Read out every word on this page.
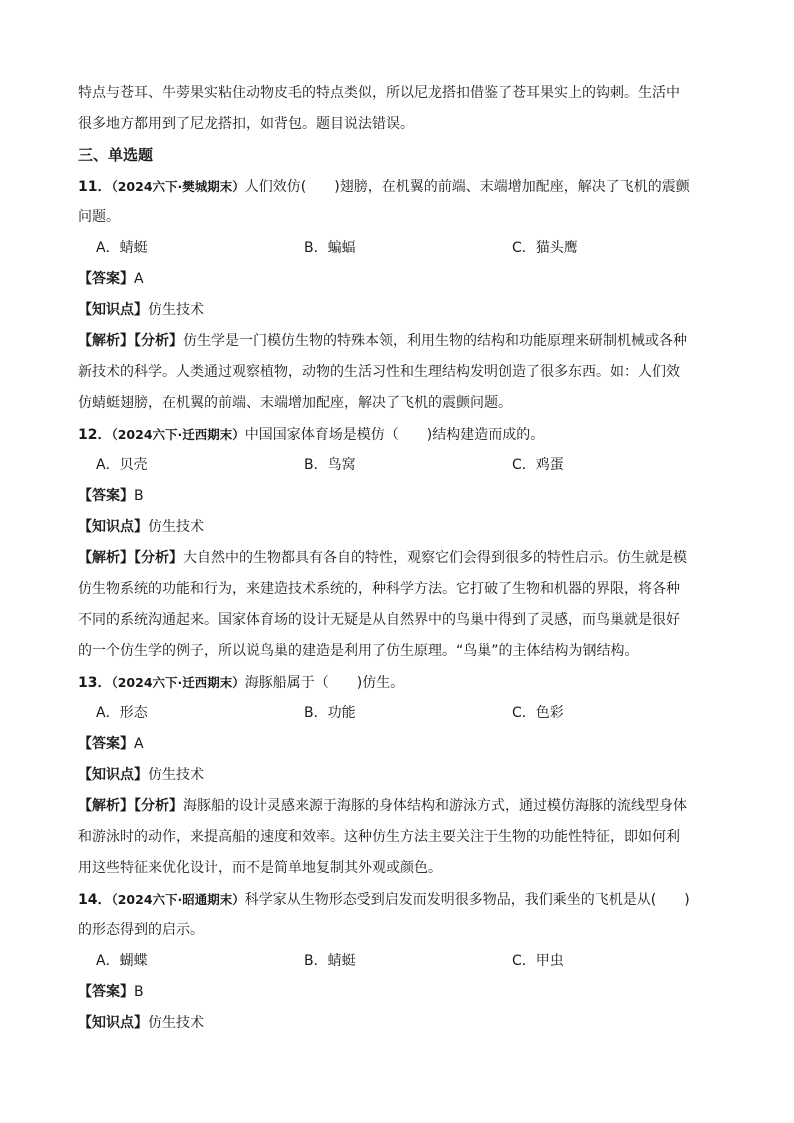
特点与苍耳、牛蒡果实粘住动物皮毛的特点类似，所以尼龙搭扣借鉴了苍耳果实上的钩刺。生活中
很多地方都用到了尼龙搭扣，如背包。题目说法错误。
三、单选题
11．（2024六下·樊城期末）人们效仿(　　)翅膀，在机翼的前端、末端增加配座，解决了飞机的震颤
问题。
A．蜻蜓	B．蝙蝠	C．猫头鹰
【答案】A
【知识点】仿生技术
【解析】【分析】仿生学是一门模仿生物的特殊本领，利用生物的结构和功能原理来研制机械或各种
新技术的科学。人类通过观察植物，动物的生活习性和生理结构发明创造了很多东西。如：人们效
仿蜻蜓翅膀，在机翼的前端、末端增加配座，解决了飞机的震颤问题。
12．（2024六下·迁西期末）中国国家体育场是模仿（　　)结构建造而成的。
A．贝壳	B．鸟窝	C．鸡蛋
【答案】B
【知识点】仿生技术
【解析】【分析】大自然中的生物都具有各自的特性，观察它们会得到很多的特性启示。仿生就是模
仿生物系统的功能和行为，来建造技术系统的，种科学方法。它打破了生物和机器的界限，将各种
不同的系统沟通起来。国家体育场的设计无疑是从自然界中的鸟巢中得到了灵感，而鸟巢就是很好
的一个仿生学的例子，所以说鸟巢的建造是利用了仿生原理。“鸟巢”的主体结构为钢结构。
13．（2024六下·迁西期末）海豚船属于（　　)仿生。
A．形态	B．功能	C．色彩
【答案】A
【知识点】仿生技术
【解析】【分析】海豚船的设计灵感来源于海豚的身体结构和游泳方式，通过模仿海豚的流线型身体
和游泳时的动作，来提高船的速度和效率。这种仿生方法主要关注于生物的功能性特征，即如何利
用这些特征来优化设计，而不是简单地复制其外观或颜色。
14．（2024六下·昭通期末）科学家从生物形态受到启发而发明很多物品，我们乘坐的飞机是从(　　)
的形态得到的启示。
A．蝴蝶	B．蜻蜓	C．甲虫
【答案】B
【知识点】仿生技术
